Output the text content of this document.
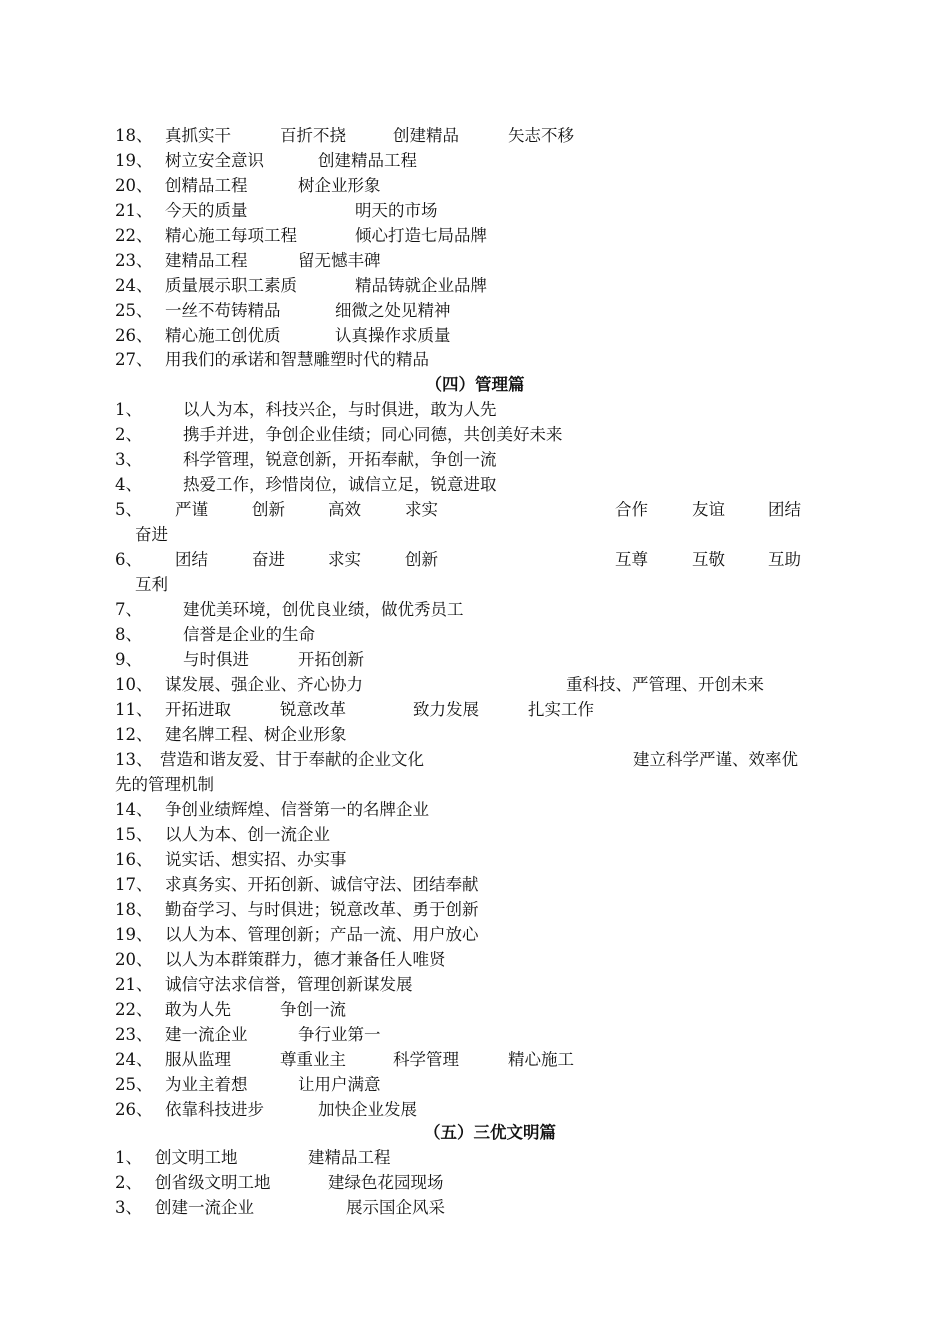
18、 真抓实干	百折不挠	创建精品	矢志不移
19、 树立安全意识	创建精品工程
20、 创精品工程	树企业形象
21、 今天的质量	明天的市场
22、 精心施工每项工程	倾心打造七局品牌
23、 建精品工程	留无憾丰碑
24、 质量展示职工素质	精品铸就企业品牌
25、 一丝不苟铸精品	细微之处见精神
26、 精心施工创优质	认真操作求质量
27、 用我们的承诺和智慧雕塑时代的精品
（四）管理篇
1、 以人为本，科技兴企，与时俱进，敢为人先
2、 携手并进，争创企业佳绩；同心同德，共创美好未来
3、 科学管理，锐意创新，开拓奉献，争创一流
4、 热爱工作，珍惜岗位，诚信立足，锐意进取
5、 严谨	创新	高效	求实	合作	友谊	团结
奋进
6、 团结	奋进	求实	创新	互尊	互敬	互助
互利
7、 建优美环境，创优良业绩，做优秀员工
8、 信誉是企业的生命
9、 与时俱进	开拓创新
10、 谋发展、强企业、齐心协力	重科技、严管理、开创未来
11、 开拓进取	锐意改革	致力发展	扎实工作
12、 建名牌工程、树企业形象
13、 营造和谐友爱、甘于奉献的企业文化	建立科学严谨、效率优
先的管理机制
14、 争创业绩辉煌、信誉第一的名牌企业
15、 以人为本、创一流企业
16、 说实话、想实招、办实事
17、 求真务实、开拓创新、诚信守法、团结奉献
18、 勤奋学习、与时俱进；锐意改革、勇于创新
19、 以人为本、管理创新；产品一流、用户放心
20、 以人为本群策群力，德才兼备任人唯贤
21、 诚信守法求信誉，管理创新谋发展
22、 敢为人先	争创一流
23、 建一流企业	争行业第一
24、 服从监理	尊重业主	科学管理	精心施工
25、 为业主着想	让用户满意
26、 依靠科技进步	加快企业发展
（五）三优文明篇
1、 创文明工地	建精品工程
2、 创省级文明工地	建绿色花园现场
3、 创建一流企业	展示国企风采
